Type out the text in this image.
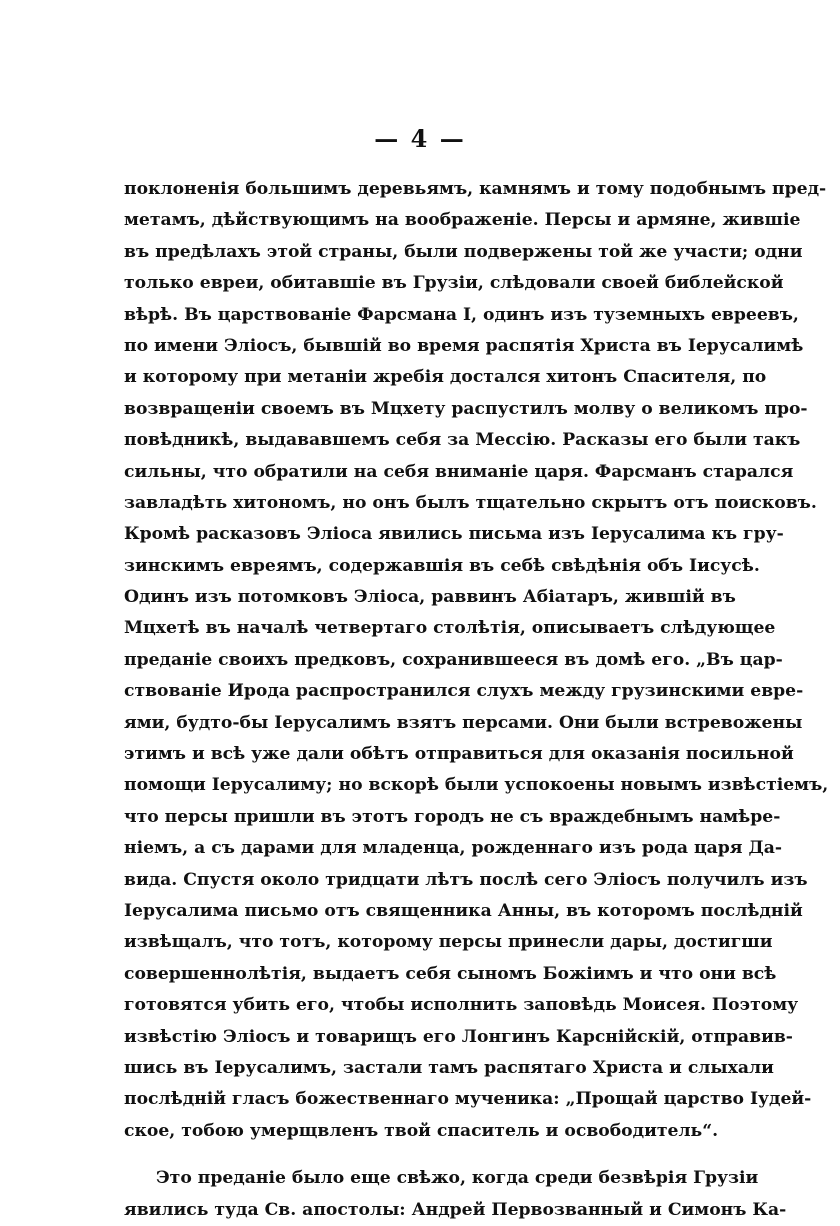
— 4 —
поклоненія большимъ деревьямъ, камнямъ и тому подобнымъ пред-
метамъ, дѣйствующимъ на воображеніе. Персы и армяне, жившіе
въ предѣлахъ этой страны, были подвержены той же участи; одни
только евреи, обитавшіе въ Грузіи, слѣдовали своей библейской
вѣрѣ. Въ царствованіе Фарсмана I, одинъ изъ туземныхъ евреевъ,
по имени Эліосъ, бывшій во время распятія Христа въ Іерусалимѣ
и которому при метаніи жребія достался хитонъ Спасителя, по
возвращеніи своемъ въ Мцхету распустилъ молву о великомъ про-
повѣдникѣ, выдававшемъ себя за Мессію. Расказы его были такъ
сильны, что обратили на себя вниманіе царя. Фарсманъ старался
завладѣть хитономъ, но онъ былъ тщательно скрытъ отъ поисковъ.
Кромѣ расказовъ Эліоса явились письма изъ Іерусалима къ гру-
зинскимъ евреямъ, содержавшія въ себѣ свѣдѣнія объ Іисусѣ.
Одинъ изъ потомковъ Эліоса, раввинъ Абіатаръ, жившій въ
Мцхетѣ въ началѣ четвертаго столѣтія, описываетъ слѣдующее
преданіе своихъ предковъ, сохранившееся въ домѣ его. „Въ цар-
ствованіе Ирода распространился слухъ между грузинскими евре-
ями, будто-бы Іерусалимъ взятъ персами. Они были встревожены
этимъ и всѣ уже дали обѣтъ отправиться для оказанія посильной
помощи Іерусалиму; но вскорѣ были успокоены новымъ извѣстіемъ,
что персы пришли въ этотъ городъ не съ враждебнымъ намѣре-
ніемъ, а съ дарами для младенца, рожденнаго изъ рода царя Да-
вида. Спустя около тридцати лѣтъ послѣ сего Эліосъ получилъ изъ
Іерусалима письмо отъ священника Анны, въ которомъ послѣдній
извѣщалъ, что тотъ, которому персы принесли дары, достигши
совершеннолѣтія, выдаетъ себя сыномъ Божіимъ и что они всѣ
готовятся убить его, чтобы исполнить заповѣдь Моисея. Поэтому
извѣстію Эліосъ и товарищъ его Лонгинъ Карснійскій, отправив-
шись въ Іерусалимъ, застали тамъ распятаго Христа и слыхали
послѣдній гласъ божественнаго мученика: „Прощай царство Іудей-
ское, тобою умерщвленъ твой спаситель и освободитель“.
Это преданіе было еще свѣжо, когда среди безвѣрія Грузіи
явились туда Св. апостолы: Андрей Первозванный и Симонъ Ка-
